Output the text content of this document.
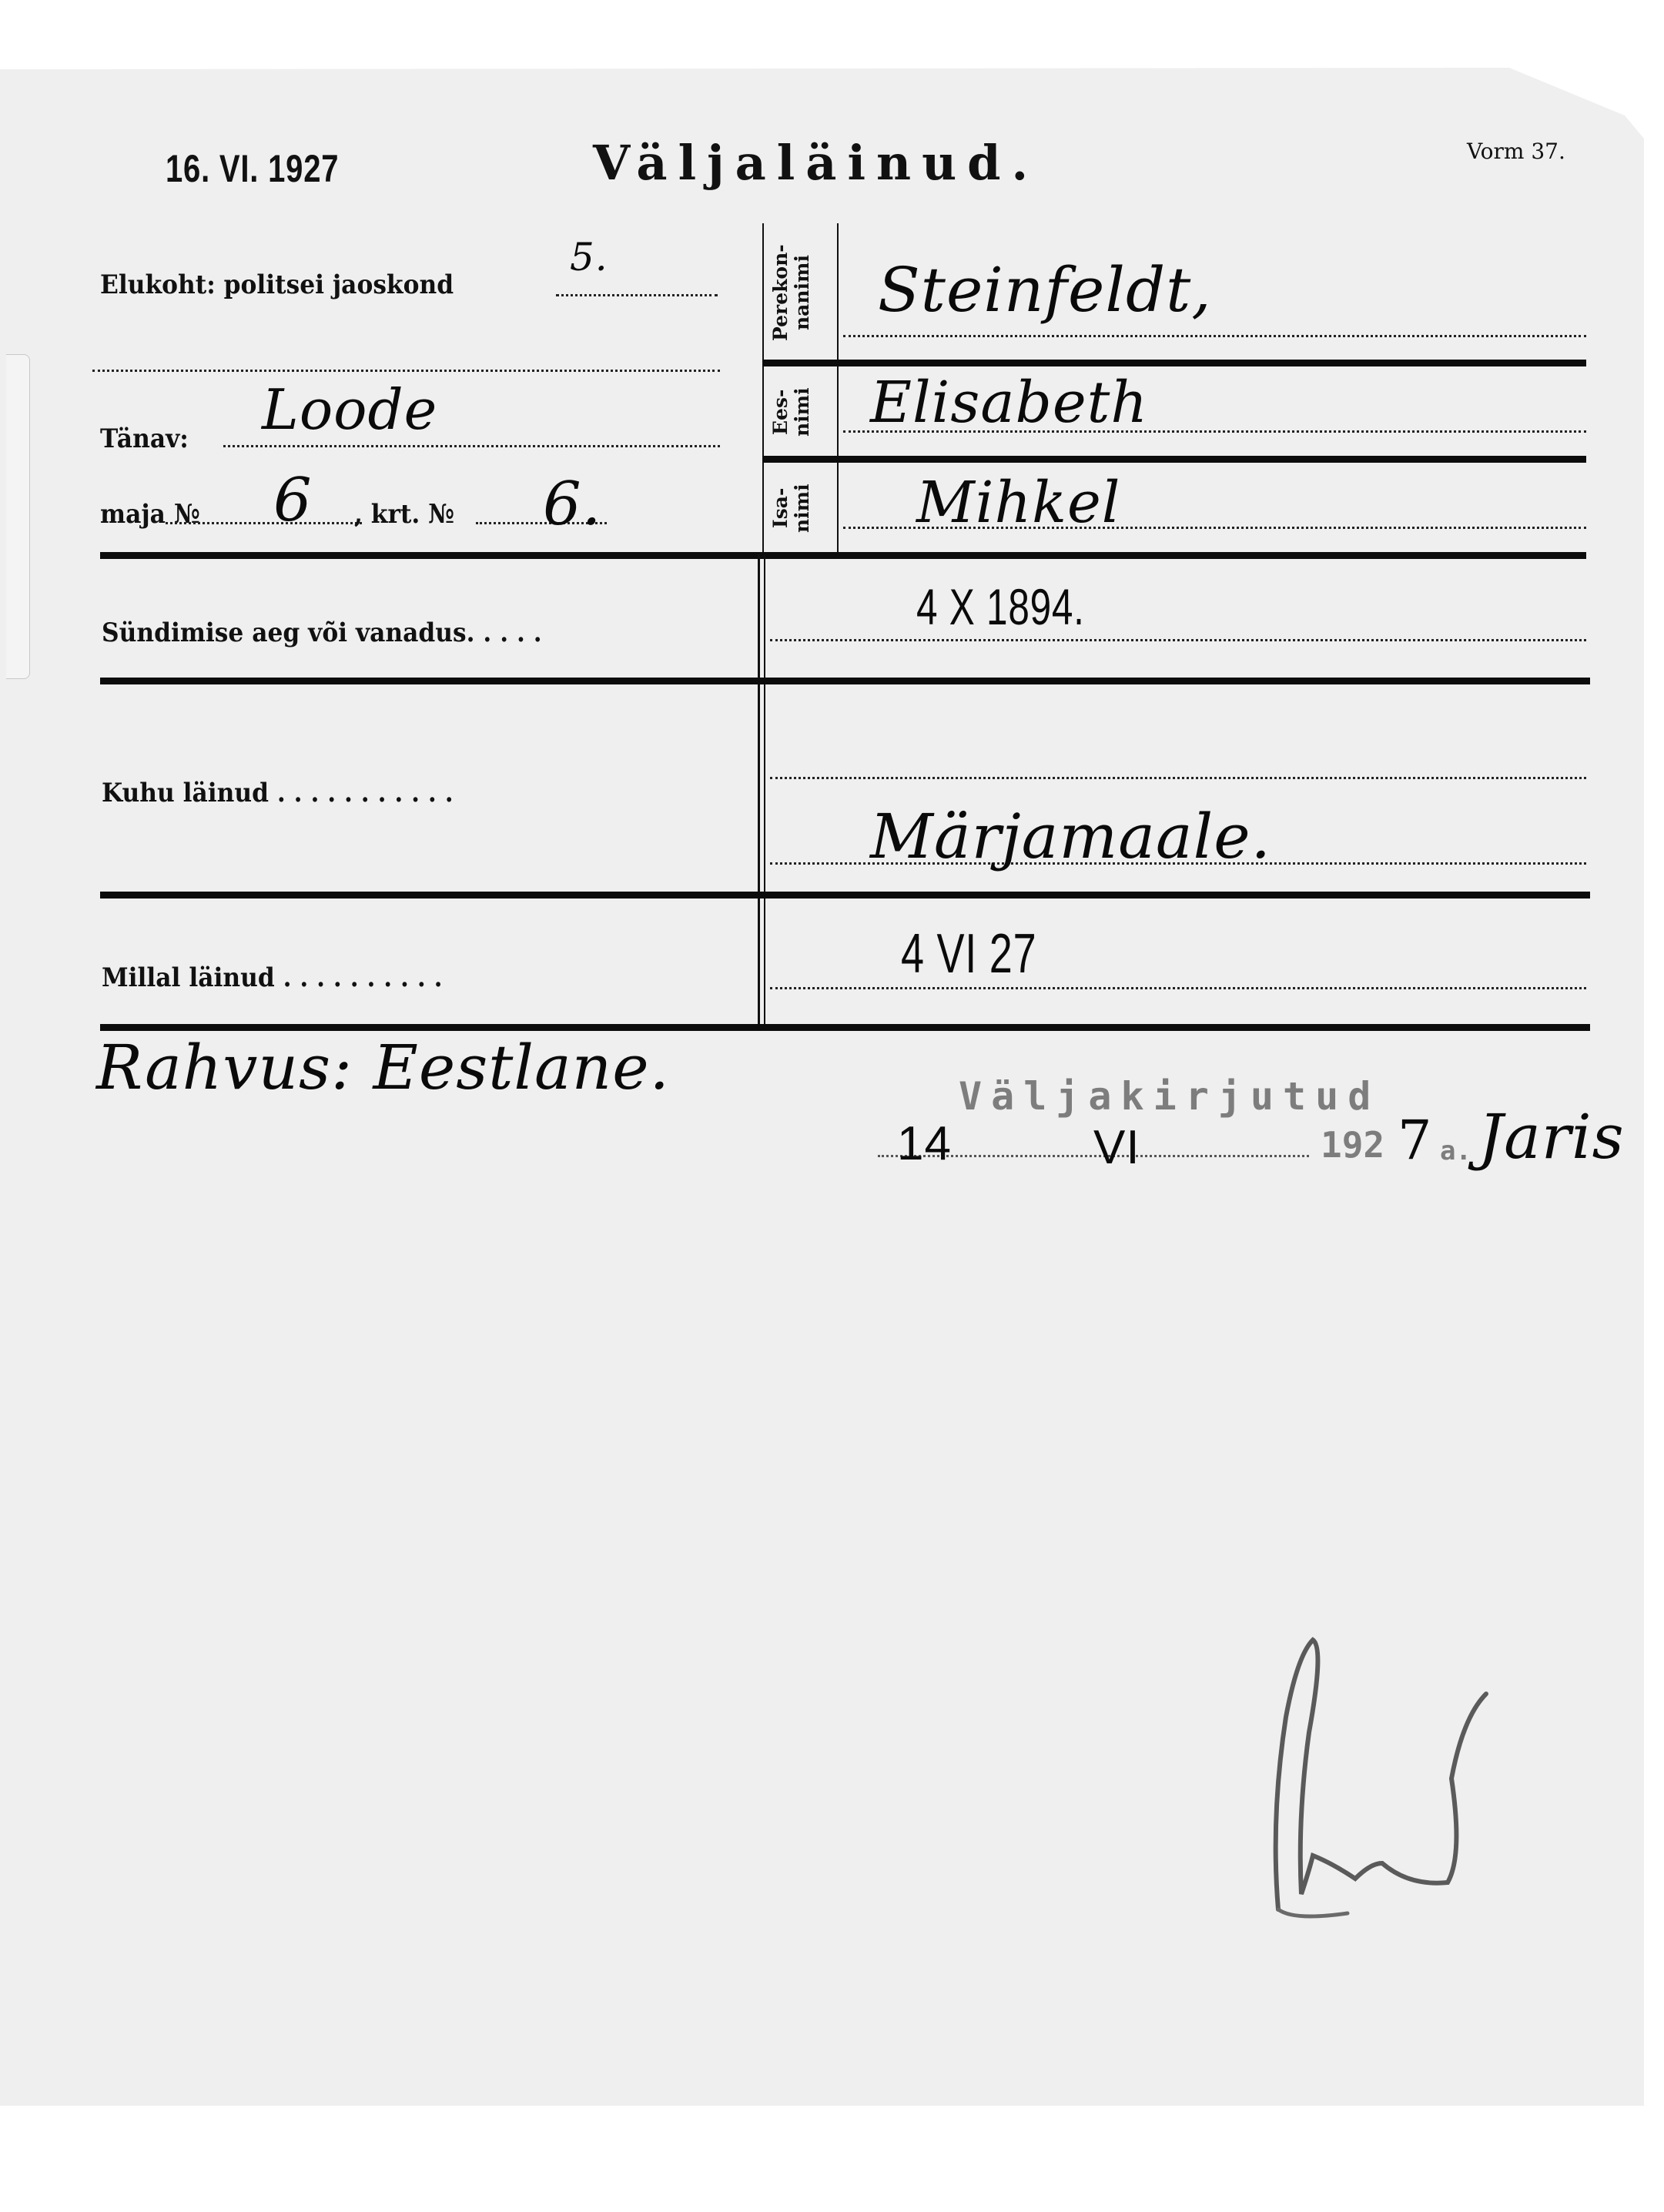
16. VI. 1927	Väljaläinud.	Vorm 37.
Elukoht: politsei jaoskond
5.
Tänav: Loode
maja № 6 , krt. № 6.
Perekon-
nanimi	Steinfeldt,
Ees-
nimi	Elisabeth
Isa-
nimi	Mihkel
Sündimise aeg või vanadus. . . . .	4 X 1894.
Kuhu läinud . . . . . . . . . . .
Märjamaale.
Millal läinud . . . . . . . . . .	4 VI 27
Rahvus: Eestlane.	Väljakirjutud
14	VI	192 7 a. Jaris
